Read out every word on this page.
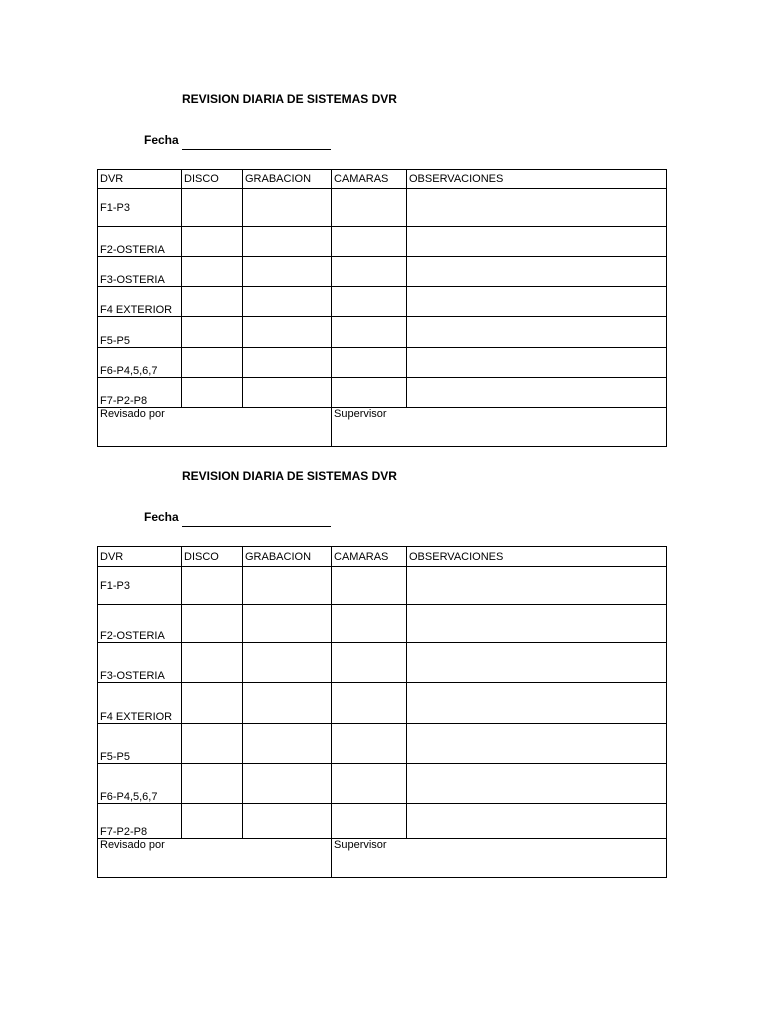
REVISION DIARIA DE SISTEMAS DVR
Fecha
DVR	DISCO	GRABACION	CAMARAS	OBSERVACIONES
F1-P3				
F2-OSTERIA				
F3-OSTERIA				
F4 EXTERIOR				
F5-P5				
F6-P4,5,6,7				
F7-P2-P8				
Revisado por			Supervisor	
REVISION DIARIA DE SISTEMAS DVR
Fecha
DVR	DISCO	GRABACION	CAMARAS	OBSERVACIONES
F1-P3				
F2-OSTERIA				
F3-OSTERIA				
F4 EXTERIOR				
F5-P5				
F6-P4,5,6,7				
F7-P2-P8				
Revisado por			Supervisor	
